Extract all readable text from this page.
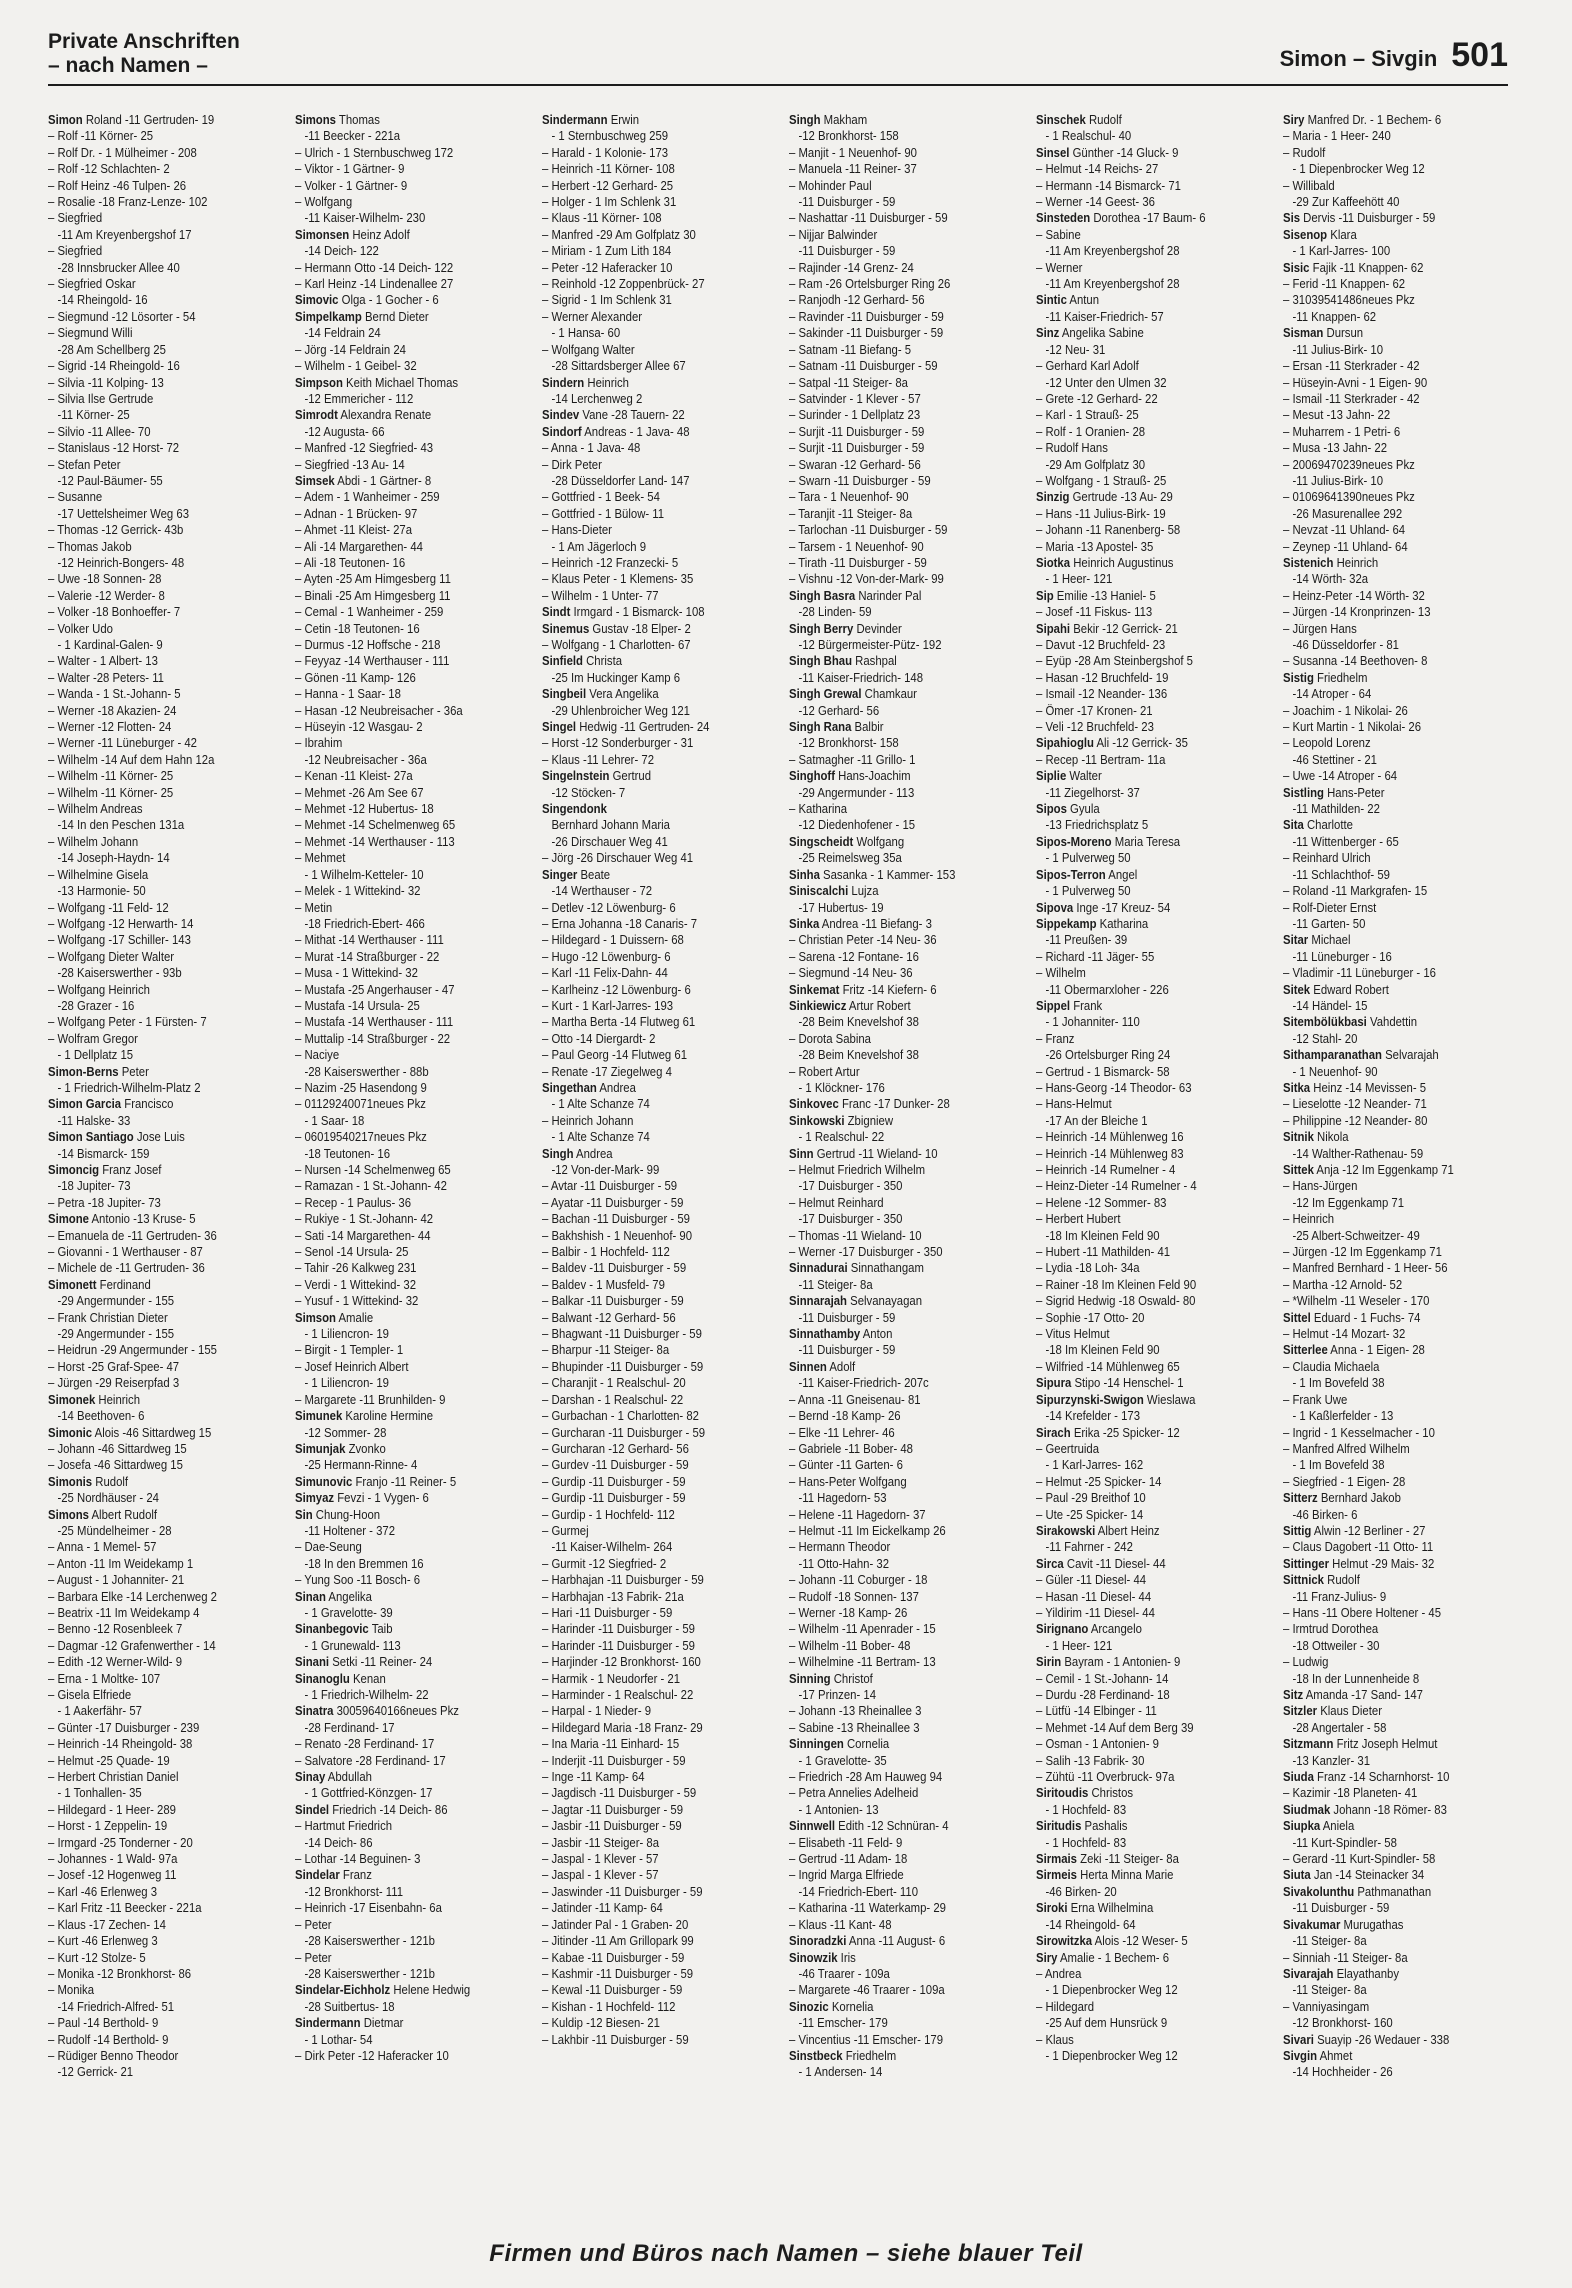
Private Anschriften
– nach Namen –	Simon – Sivgin 501
Simon Roland -11 Gertruden- 19
– Rolf -11 Körner- 25
– Rolf Dr. - 1 Mülheimer - 208
– Rolf -12 Schlachten- 2
– Rolf Heinz -46 Tulpen- 26
– Rosalie -18 Franz-Lenze- 102
– Siegfried
-11 Am Kreyenbergshof 17
– Siegfried
-28 Innsbrucker Allee 40
– Siegfried Oskar
-14 Rheingold- 16
– Siegmund -12 Lösorter - 54
– Siegmund Willi
-28 Am Schellberg 25
– Sigrid -14 Rheingold- 16
– Silvia -11 Kolping- 13
– Silvia Ilse Gertrude
-11 Körner- 25
– Silvio -11 Allee- 70
– Stanislaus -12 Horst- 72
– Stefan Peter
-12 Paul-Bäumer- 55
– Susanne
-17 Uettelsheimer Weg 63
– Thomas -12 Gerrick- 43b
– Thomas Jakob
-12 Heinrich-Bongers- 48
– Uwe -18 Sonnen- 28
– Valerie -12 Werder- 8
– Volker -18 Bonhoeffer- 7
– Volker Udo
- 1 Kardinal-Galen- 9
– Walter - 1 Albert- 13
– Walter -28 Peters- 11
– Wanda - 1 St.-Johann- 5
– Werner -18 Akazien- 24
– Werner -12 Flotten- 24
– Werner -11 Lüneburger - 42
– Wilhelm -14 Auf dem Hahn 12a
– Wilhelm -11 Körner- 25
– Wilhelm -11 Körner- 25
– Wilhelm Andreas
-14 In den Peschen 131a
– Wilhelm Johann
-14 Joseph-Haydn- 14
– Wilhelmine Gisela
-13 Harmonie- 50
– Wolfgang -11 Feld- 12
– Wolfgang -12 Herwarth- 14
– Wolfgang -17 Schiller- 143
– Wolfgang Dieter Walter
-28 Kaiserswerther - 93b
– Wolfgang Heinrich
-28 Grazer - 16
– Wolfgang Peter - 1 Fürsten- 7
– Wolfram Gregor
- 1 Dellplatz 15
Simon-Berns Peter
- 1 Friedrich-Wilhelm-Platz 2
Simon Garcia Francisco
-11 Halske- 33
Simon Santiago Jose Luis
-14 Bismarck- 159
Simoncig Franz Josef
-18 Jupiter- 73
– Petra -18 Jupiter- 73
Simone Antonio -13 Kruse- 5
– Emanuela de -11 Gertruden- 36
– Giovanni - 1 Werthauser - 87
– Michele de -11 Gertruden- 36
Simonett Ferdinand
-29 Angermunder - 155
– Frank Christian Dieter
-29 Angermunder - 155
– Heidrun -29 Angermunder - 155
– Horst -25 Graf-Spee- 47
– Jürgen -29 Reiserpfad 3
Simonek Heinrich
-14 Beethoven- 6
Simonic Alois -46 Sittardweg 15
– Johann -46 Sittardweg 15
– Josefa -46 Sittardweg 15
Simonis Rudolf
-25 Nordhäuser - 24
Simons Albert Rudolf
-25 Mündelheimer - 28
– Anna - 1 Memel- 57
– Anton -11 Im Weidekamp 1
– August - 1 Johanniter- 21
– Barbara Elke -14 Lerchenweg 2
– Beatrix -11 Im Weidekamp 4
– Benno -12 Rosenbleek 7
– Dagmar -12 Grafenwerther - 14
– Edith -12 Werner-Wild- 9
– Erna - 1 Moltke- 107
– Gisela Elfriede
- 1 Aakerfähr- 57
– Günter -17 Duisburger - 239
– Heinrich -14 Rheingold- 38
– Helmut -25 Quade- 19
– Herbert Christian Daniel
- 1 Tonhallen- 35
– Hildegard - 1 Heer- 289
– Horst - 1 Zeppelin- 19
– Irmgard -25 Tonderner - 20
– Johannes - 1 Wald- 97a
– Josef -12 Hogenweg 11
– Karl -46 Erlenweg 3
– Karl Fritz -11 Beecker - 221a
– Klaus -17 Zechen- 14
– Kurt -46 Erlenweg 3
– Kurt -12 Stolze- 5
– Monika -12 Bronkhorst- 86
– Monika
-14 Friedrich-Alfred- 51
– Paul -14 Berthold- 9
– Rudolf -14 Berthold- 9
– Rüdiger Benno Theodor
-12 Gerrick- 21
Simons Thomas
-11 Beecker - 221a
– Ulrich - 1 Sternbuschweg 172
– Viktor - 1 Gärtner- 9
– Volker - 1 Gärtner- 9
– Wolfgang
-11 Kaiser-Wilhelm- 230
Simonsen Heinz Adolf
-14 Deich- 122
– Hermann Otto -14 Deich- 122
– Karl Heinz -14 Lindenallee 27
Simovic Olga - 1 Gocher - 6
Simpelkamp Bernd Dieter
-14 Feldrain 24
– Jörg -14 Feldrain 24
– Wilhelm - 1 Geibel- 32
Simpson Keith Michael Thomas
-12 Emmericher - 112
Simrodt Alexandra Renate
-12 Augusta- 66
– Manfred -12 Siegfried- 43
– Siegfried -13 Au- 14
Simsek Abdi - 1 Gärtner- 8
– Adem - 1 Wanheimer - 259
– Adnan - 1 Brücken- 97
– Ahmet -11 Kleist- 27a
– Ali -14 Margarethen- 44
– Ali -18 Teutonen- 16
– Ayten -25 Am Himgesberg 11
– Binali -25 Am Himgesberg 11
– Cemal - 1 Wanheimer - 259
– Cetin -18 Teutonen- 16
– Durmus -12 Hoffsche - 218
– Feyyaz -14 Werthauser - 111
– Gönen -11 Kamp- 126
– Hanna - 1 Saar- 18
– Hasan -12 Neubreisacher - 36a
– Hüseyin -12 Wasgau- 2
– Ibrahim
-12 Neubreisacher - 36a
– Kenan -11 Kleist- 27a
– Mehmet -26 Am See 67
– Mehmet -12 Hubertus- 18
– Mehmet -14 Schelmenweg 65
– Mehmet -14 Werthauser - 113
– Mehmet
- 1 Wilhelm-Ketteler- 10
– Melek - 1 Wittekind- 32
– Metin
-18 Friedrich-Ebert- 466
– Mithat -14 Werthauser - 111
– Murat -14 Straßburger - 22
– Musa - 1 Wittekind- 32
– Mustafa -25 Angerhauser - 47
– Mustafa -14 Ursula- 25
– Mustafa -14 Werthauser - 111
– Muttalip -14 Straßburger - 22
– Naciye
-28 Kaiserswerther - 88b
– Nazim -25 Hasendong 9
– 01129240071neues Pkz
- 1 Saar- 18
– 06019540217neues Pkz
-18 Teutonen- 16
– Nursen -14 Schelmenweg 65
– Ramazan - 1 St.-Johann- 42
– Recep - 1 Paulus- 36
– Rukiye - 1 St.-Johann- 42
– Sati -14 Margarethen- 44
– Senol -14 Ursula- 25
– Tahir -26 Kalkweg 231
– Verdi - 1 Wittekind- 32
– Yusuf - 1 Wittekind- 32
Simson Amalie
- 1 Liliencron- 19
– Birgit - 1 Templer- 1
– Josef Heinrich Albert
- 1 Liliencron- 19
– Margarete -11 Brunhilden- 9
Simunek Karoline Hermine
-12 Sommer- 28
Simunjak Zvonko
-25 Hermann-Rinne- 4
Simunovic Franjo -11 Reiner- 5
Simyaz Fevzi - 1 Vygen- 6
Sin Chung-Hoon
-11 Holtener - 372
– Dae-Seung
-18 In den Bremmen 16
– Yung Soo -11 Bosch- 6
Sinan Angelika
- 1 Gravelotte- 39
Sinanbegovic Taib
- 1 Grunewald- 113
Sinani Setki -11 Reiner- 24
Sinanoglu Kenan
- 1 Friedrich-Wilhelm- 22
Sinatra 30059640166neues Pkz
-28 Ferdinand- 17
– Renato -28 Ferdinand- 17
– Salvatore -28 Ferdinand- 17
Sinay Abdullah
- 1 Gottfried-Könzgen- 17
Sindel Friedrich -14 Deich- 86
– Hartmut Friedrich
-14 Deich- 86
– Lothar -14 Beguinen- 3
Sindelar Franz
-12 Bronkhorst- 111
– Heinrich -17 Eisenbahn- 6a
– Peter
-28 Kaiserswerther - 121b
– Peter
-28 Kaiserswerther - 121b
Sindelar-Eichholz Helene Hedwig
-28 Suitbertus- 18
Sindermann Dietmar
- 1 Lothar- 54
– Dirk Peter -12 Haferacker 10
Sindermann Erwin
- 1 Sternbuschweg 259
– Harald - 1 Kolonie- 173
– Heinrich -11 Körner- 108
– Herbert -12 Gerhard- 25
– Holger - 1 Im Schlenk 31
– Klaus -11 Körner- 108
– Manfred -29 Am Golfplatz 30
– Miriam - 1 Zum Lith 184
– Peter -12 Haferacker 10
– Reinhold -12 Zoppenbrück- 27
– Sigrid - 1 Im Schlenk 31
– Werner Alexander
- 1 Hansa- 60
– Wolfgang Walter
-28 Sittardsberger Allee 67
Sindern Heinrich
-14 Lerchenweg 2
Sindev Vane -28 Tauern- 22
Sindorf Andreas - 1 Java- 48
– Anna - 1 Java- 48
– Dirk Peter
-28 Düsseldorfer Land- 147
– Gottfried - 1 Beek- 54
– Gottfried - 1 Bülow- 11
– Hans-Dieter
- 1 Am Jägerloch 9
– Heinrich -12 Franzecki- 5
– Klaus Peter - 1 Klemens- 35
– Wilhelm - 1 Unter- 77
Sindt Irmgard - 1 Bismarck- 108
Sinemus Gustav -18 Elper- 2
– Wolfgang - 1 Charlotten- 67
Sinfield Christa
-25 Im Huckinger Kamp 6
Singbeil Vera Angelika
-29 Uhlenbroicher Weg 121
Singel Hedwig -11 Gertruden- 24
– Horst -12 Sonderburger - 31
– Klaus -11 Lehrer- 72
Singelnstein Gertrud
-12 Stöcken- 7
Singendonk
Bernhard Johann Maria
-26 Dirschauer Weg 41
– Jörg -26 Dirschauer Weg 41
Singer Beate
-14 Werthauser - 72
– Detlev -12 Löwenburg- 6
– Erna Johanna -18 Canaris- 7
– Hildegard - 1 Duissern- 68
– Hugo -12 Löwenburg- 6
– Karl -11 Felix-Dahn- 44
– Karlheinz -12 Löwenburg- 6
– Kurt - 1 Karl-Jarres- 193
– Martha Berta -14 Flutweg 61
– Otto -14 Diergardt- 2
– Paul Georg -14 Flutweg 61
– Renate -17 Ziegelweg 4
Singethan Andrea
- 1 Alte Schanze 74
– Heinrich Johann
- 1 Alte Schanze 74
Singh Andrea
-12 Von-der-Mark- 99
– Avtar -11 Duisburger - 59
– Ayatar -11 Duisburger - 59
– Bachan -11 Duisburger - 59
– Bakhshish - 1 Neuenhof- 90
– Balbir - 1 Hochfeld- 112
– Baldev -11 Duisburger - 59
– Baldev - 1 Musfeld- 79
– Balkar -11 Duisburger - 59
– Balwant -12 Gerhard- 56
– Bhagwant -11 Duisburger - 59
– Bharpur -11 Steiger- 8a
– Bhupinder -11 Duisburger - 59
– Charanjit - 1 Realschul- 20
– Darshan - 1 Realschul- 22
– Gurbachan - 1 Charlotten- 82
– Gurcharan -11 Duisburger - 59
– Gurcharan -12 Gerhard- 56
– Gurdev -11 Duisburger - 59
– Gurdip -11 Duisburger - 59
– Gurdip -11 Duisburger - 59
– Gurdip - 1 Hochfeld- 112
– Gurmej
-11 Kaiser-Wilhelm- 264
– Gurmit -12 Siegfried- 2
– Harbhajan -11 Duisburger - 59
– Harbhajan -13 Fabrik- 21a
– Hari -11 Duisburger - 59
– Harinder -11 Duisburger - 59
– Harinder -11 Duisburger - 59
– Harjinder -12 Bronkhorst- 160
– Harmik - 1 Neudorfer - 21
– Harminder - 1 Realschul- 22
– Harpal - 1 Nieder- 9
– Hildegard Maria -18 Franz- 29
– Ina Maria -11 Einhard- 15
– Inderjit -11 Duisburger - 59
– Inge -11 Kamp- 64
– Jagdisch -11 Duisburger - 59
– Jagtar -11 Duisburger - 59
– Jasbir -11 Duisburger - 59
– Jasbir -11 Steiger- 8a
– Jaspal - 1 Klever - 57
– Jaspal - 1 Klever - 57
– Jaswinder -11 Duisburger - 59
– Jatinder -11 Kamp- 64
– Jatinder Pal - 1 Graben- 20
– Jitinder -11 Am Grillopark 99
– Kabae -11 Duisburger - 59
– Kashmir -11 Duisburger - 59
– Kewal -11 Duisburger - 59
– Kishan - 1 Hochfeld- 112
– Kuldip -12 Biesen- 21
– Lakhbir -11 Duisburger - 59
Singh Makham
-12 Bronkhorst- 158
– Manjit - 1 Neuenhof- 90
– Manuela -11 Reiner- 37
– Mohinder Paul
-11 Duisburger - 59
– Nashattar -11 Duisburger - 59
– Nijjar Balwinder
-11 Duisburger - 59
– Rajinder -14 Grenz- 24
– Ram -26 Ortelsburger Ring 26
– Ranjodh -12 Gerhard- 56
– Ravinder -11 Duisburger - 59
– Sakinder -11 Duisburger - 59
– Satnam -11 Biefang- 5
– Satnam -11 Duisburger - 59
– Satpal -11 Steiger- 8a
– Satvinder - 1 Klever - 57
– Surinder - 1 Dellplatz 23
– Surjit -11 Duisburger - 59
– Surjit -11 Duisburger - 59
– Swaran -12 Gerhard- 56
– Swarn -11 Duisburger - 59
– Tara - 1 Neuenhof- 90
– Taranjit -11 Steiger- 8a
– Tarlochan -11 Duisburger - 59
– Tarsem - 1 Neuenhof- 90
– Tirath -11 Duisburger - 59
– Vishnu -12 Von-der-Mark- 99
Singh Basra Narinder Pal
-28 Linden- 59
Singh Berry Devinder
-12 Bürgermeister-Pütz- 192
Singh Bhau Rashpal
-11 Kaiser-Friedrich- 148
Singh Grewal Chamkaur
-12 Gerhard- 56
Singh Rana Balbir
-12 Bronkhorst- 158
– Satmagher -11 Grillo- 1
Singhoff Hans-Joachim
-29 Angermunder - 113
– Katharina
-12 Diedenhofener - 15
Singscheidt Wolfgang
-25 Reimelsweg 35a
Sinha Sasanka - 1 Kammer- 153
Siniscalchi Lujza
-17 Hubertus- 19
Sinka Andrea -11 Biefang- 3
– Christian Peter -14 Neu- 36
– Sarena -12 Fontane- 16
– Siegmund -14 Neu- 36
Sinkemat Fritz -14 Kiefern- 6
Sinkiewicz Artur Robert
-28 Beim Knevelshof 38
– Dorota Sabina
-28 Beim Knevelshof 38
– Robert Artur
- 1 Klöckner- 176
Sinkovec Franc -17 Dunker- 28
Sinkowski Zbigniew
- 1 Realschul- 22
Sinn Gertrud -11 Wieland- 10
– Helmut Friedrich Wilhelm
-17 Duisburger - 350
– Helmut Reinhard
-17 Duisburger - 350
– Thomas -11 Wieland- 10
– Werner -17 Duisburger - 350
Sinnadurai Sinnathangam
-11 Steiger- 8a
Sinnarajah Selvanayagan
-11 Duisburger - 59
Sinnathamby Anton
-11 Duisburger - 59
Sinnen Adolf
-11 Kaiser-Friedrich- 207c
– Anna -11 Gneisenau- 81
– Bernd -18 Kamp- 26
– Elke -11 Lehrer- 46
– Gabriele -11 Bober- 48
– Günter -11 Garten- 6
– Hans-Peter Wolfgang
-11 Hagedorn- 53
– Helene -11 Hagedorn- 37
– Helmut -11 Im Eickelkamp 26
– Hermann Theodor
-11 Otto-Hahn- 32
– Johann -11 Coburger - 18
– Rudolf -18 Sonnen- 137
– Werner -18 Kamp- 26
– Wilhelm -11 Apenrader - 15
– Wilhelm -11 Bober- 48
– Wilhelmine -11 Bertram- 13
Sinning Christof
-17 Prinzen- 14
– Johann -13 Rheinallee 3
– Sabine -13 Rheinallee 3
Sinningen Cornelia
- 1 Gravelotte- 35
– Friedrich -28 Am Hauweg 94
– Petra Annelies Adelheid
- 1 Antonien- 13
Sinnwell Edith -12 Schnüran- 4
– Elisabeth -11 Feld- 9
– Gertrud -11 Adam- 18
– Ingrid Marga Elfriede
-14 Friedrich-Ebert- 110
– Katharina -11 Waterkamp- 29
– Klaus -11 Kant- 48
Sinoradzki Anna -11 August- 6
Sinowzik Iris
-46 Traarer - 109a
– Margarete -46 Traarer - 109a
Sinozic Kornelia
-11 Emscher- 179
– Vincentius -11 Emscher- 179
Sinstbeck Friedhelm
- 1 Andersen- 14
Sinschek Rudolf
- 1 Realschul- 40
Sinsel Günther -14 Gluck- 9
– Helmut -14 Reichs- 27
– Hermann -14 Bismarck- 71
– Werner -14 Geest- 36
Sinsteden Dorothea -17 Baum- 6
– Sabine
-11 Am Kreyenbergshof 28
– Werner
-11 Am Kreyenbergshof 28
Sintic Antun
-11 Kaiser-Friedrich- 57
Sinz Angelika Sabine
-12 Neu- 31
– Gerhard Karl Adolf
-12 Unter den Ulmen 32
– Grete -12 Gerhard- 22
– Karl - 1 Strauß- 25
– Rolf - 1 Oranien- 28
– Rudolf Hans
-29 Am Golfplatz 30
– Wolfgang - 1 Strauß- 25
Sinzig Gertrude -13 Au- 29
– Hans -11 Julius-Birk- 19
– Johann -11 Ranenberg- 58
– Maria -13 Apostel- 35
Siotka Heinrich Augustinus
- 1 Heer- 121
Sip Emilie -13 Haniel- 5
– Josef -11 Fiskus- 113
Sipahi Bekir -12 Gerrick- 21
– Davut -12 Bruchfeld- 23
– Eyüp -28 Am Steinbergshof 5
– Hasan -12 Bruchfeld- 19
– Ismail -12 Neander- 136
– Ömer -17 Kronen- 21
– Veli -12 Bruchfeld- 23
Sipahioglu Ali -12 Gerrick- 35
– Recep -11 Bertram- 11a
Siplie Walter
-11 Ziegelhorst- 37
Sipos Gyula
-13 Friedrichsplatz 5
Sipos-Moreno Maria Teresa
- 1 Pulverweg 50
Sipos-Terron Angel
- 1 Pulverweg 50
Sipova Inge -17 Kreuz- 54
Sippekamp Katharina
-11 Preußen- 39
– Richard -11 Jäger- 55
– Wilhelm
-11 Obermarxloher - 226
Sippel Frank
- 1 Johanniter- 110
– Franz
-26 Ortelsburger Ring 24
– Gertrud - 1 Bismarck- 58
– Hans-Georg -14 Theodor- 63
– Hans-Helmut
-17 An der Bleiche 1
– Heinrich -14 Mühlenweg 16
– Heinrich -14 Mühlenweg 83
– Heinrich -14 Rumelner - 4
– Heinz-Dieter -14 Rumelner - 4
– Helene -12 Sommer- 83
– Herbert Hubert
-18 Im Kleinen Feld 90
– Hubert -11 Mathilden- 41
– Lydia -18 Loh- 34a
– Rainer -18 Im Kleinen Feld 90
– Sigrid Hedwig -18 Oswald- 80
– Sophie -17 Otto- 20
– Vitus Helmut
-18 Im Kleinen Feld 90
– Wilfried -14 Mühlenweg 65
Sipura Stipo -14 Henschel- 1
Sipurzynski-Swigon Wieslawa
-14 Krefelder - 173
Sirach Erika -25 Spicker- 12
– Geertruida
- 1 Karl-Jarres- 162
– Helmut -25 Spicker- 14
– Paul -29 Breithof 10
– Ute -25 Spicker- 14
Sirakowski Albert Heinz
-11 Fahrner - 242
Sirca Cavit -11 Diesel- 44
– Güler -11 Diesel- 44
– Hasan -11 Diesel- 44
– Yildirim -11 Diesel- 44
Sirignano Arcangelo
- 1 Heer- 121
Sirin Bayram - 1 Antonien- 9
– Cemil - 1 St.-Johann- 14
– Durdu -28 Ferdinand- 18
– Lütfü -14 Elbinger - 11
– Mehmet -14 Auf dem Berg 39
– Osman - 1 Antonien- 9
– Salih -13 Fabrik- 30
– Zühtü -11 Overbruck- 97a
Siritoudis Christos
- 1 Hochfeld- 83
Siritudis Pashalis
- 1 Hochfeld- 83
Sirmais Zeki -11 Steiger- 8a
Sirmeis Herta Minna Marie
-46 Birken- 20
Siroki Erna Wilhelmina
-14 Rheingold- 64
Sirowitzka Alois -12 Weser- 5
Siry Amalie - 1 Bechem- 6
– Andrea
- 1 Diepenbrocker Weg 12
– Hildegard
-25 Auf dem Hunsrück 9
– Klaus
- 1 Diepenbrocker Weg 12
Siry Manfred Dr. - 1 Bechem- 6
– Maria - 1 Heer- 240
– Rudolf
- 1 Diepenbrocker Weg 12
– Willibald
-29 Zur Kaffeehött 40
Sis Dervis -11 Duisburger - 59
Sisenop Klara
- 1 Karl-Jarres- 100
Sisic Fajik -11 Knappen- 62
– Ferid -11 Knappen- 62
– 31039541486neues Pkz
-11 Knappen- 62
Sisman Dursun
-11 Julius-Birk- 10
– Ersan -11 Sterkrader - 42
– Hüseyin-Avni - 1 Eigen- 90
– Ismail -11 Sterkrader - 42
– Mesut -13 Jahn- 22
– Muharrem - 1 Petri- 6
– Musa -13 Jahn- 22
– 20069470239neues Pkz
-11 Julius-Birk- 10
– 01069641390neues Pkz
-26 Masurenallee 292
– Nevzat -11 Uhland- 64
– Zeynep -11 Uhland- 64
Sistenich Heinrich
-14 Wörth- 32a
– Heinz-Peter -14 Wörth- 32
– Jürgen -14 Kronprinzen- 13
– Jürgen Hans
-46 Düsseldorfer - 81
– Susanna -14 Beethoven- 8
Sistig Friedhelm
-14 Atroper - 64
– Joachim - 1 Nikolai- 26
– Kurt Martin - 1 Nikolai- 26
– Leopold Lorenz
-46 Stettiner - 21
– Uwe -14 Atroper - 64
Sistling Hans-Peter
-11 Mathilden- 22
Sita Charlotte
-11 Wittenberger - 65
– Reinhard Ulrich
-11 Schlachthof- 59
– Roland -11 Markgrafen- 15
– Rolf-Dieter Ernst
-11 Garten- 50
Sitar Michael
-11 Lüneburger - 16
– Vladimir -11 Lüneburger - 16
Sitek Edward Robert
-14 Händel- 15
Sitembölükbasi Vahdettin
-12 Stahl- 20
Sithamparanathan Selvarajah
- 1 Neuenhof- 90
Sitka Heinz -14 Mevissen- 5
– Lieselotte -12 Neander- 71
– Philippine -12 Neander- 80
Sitnik Nikola
-14 Walther-Rathenau- 59
Sittek Anja -12 Im Eggenkamp 71
– Hans-Jürgen
-12 Im Eggenkamp 71
– Heinrich
-25 Albert-Schweitzer- 49
– Jürgen -12 Im Eggenkamp 71
– Manfred Bernhard - 1 Heer- 56
– Martha -12 Arnold- 52
– *Wilhelm -11 Weseler - 170
Sittel Eduard - 1 Fuchs- 74
– Helmut -14 Mozart- 32
Sitterlee Anna - 1 Eigen- 28
– Claudia Michaela
- 1 Im Bovefeld 38
– Frank Uwe
- 1 Kaßlerfelder - 13
– Ingrid - 1 Kesselmacher - 10
– Manfred Alfred Wilhelm
- 1 Im Bovefeld 38
– Siegfried - 1 Eigen- 28
Sitterz Bernhard Jakob
-46 Birken- 6
Sittig Alwin -12 Berliner - 27
– Claus Dagobert -11 Otto- 11
Sittinger Helmut -29 Mais- 32
Sittnick Rudolf
-11 Franz-Julius- 9
– Hans -11 Obere Holtener - 45
– Irmtrud Dorothea
-18 Ottweiler - 30
– Ludwig
-18 In der Lunnenheide 8
Sitz Amanda -17 Sand- 147
Sitzler Klaus Dieter
-28 Angertaler - 58
Sitzmann Fritz Joseph Helmut
-13 Kanzler- 31
Siuda Franz -14 Scharnhorst- 10
– Kazimir -18 Planeten- 41
Siudmak Johann -18 Römer- 83
Siupka Aniela
-11 Kurt-Spindler- 58
– Gerard -11 Kurt-Spindler- 58
Siuta Jan -14 Steinacker 34
Sivakolunthu Pathmanathan
-11 Duisburger - 59
Sivakumar Murugathas
-11 Steiger- 8a
– Sinniah -11 Steiger- 8a
Sivarajah Elayathanby
-11 Steiger- 8a
– Vanniyasingam
-12 Bronkhorst- 160
Sivari Suayip -26 Wedauer - 338
Sivgin Ahmet
-14 Hochheider - 26
Firmen und Büros nach Namen – siehe blauer Teil
